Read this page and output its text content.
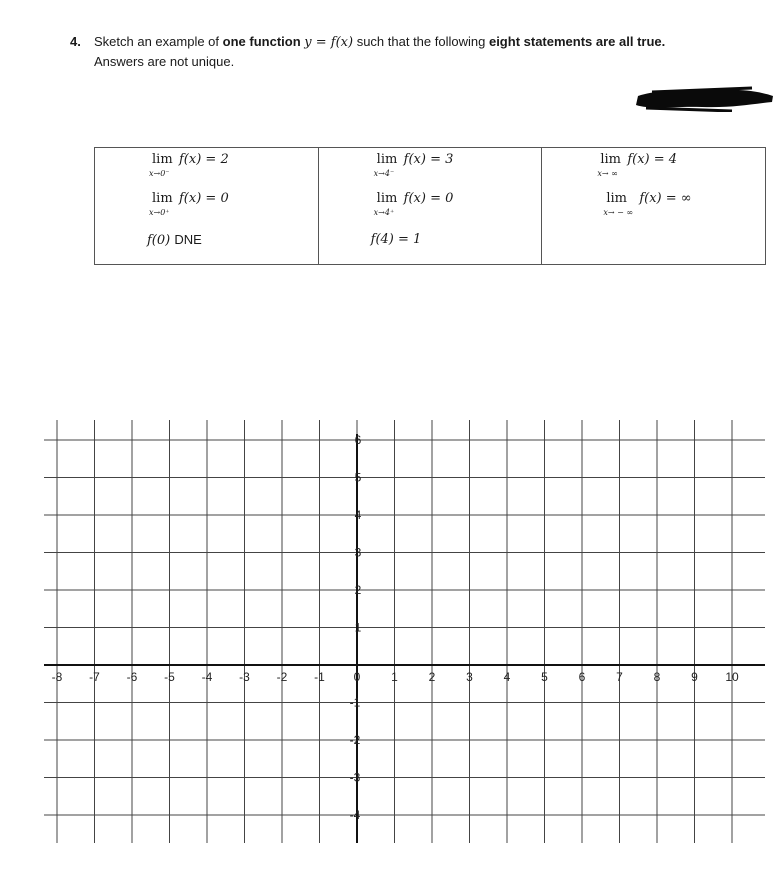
4. Sketch an example of one function y = f(x) such that the following eight statements are all true.
Answers are not unique.
lim
x→0⁻
f(x) = 2
lim
x→0⁺
f(x) = 0
f(0) DNE

lim
x→4⁻
f(x) = 3
lim
x→4⁺
f(x) = 0
f(4) = 1

lim
x→ ∞
f(x) = 4
lim
x→ − ∞
f(x) = ∞
-8 -7 -6 -5 -4 -3 -2 -1 0	1	2	3	4	5	6	7	8	9 10
6
5
4
3
2
1
-1
-2
-3
-4
